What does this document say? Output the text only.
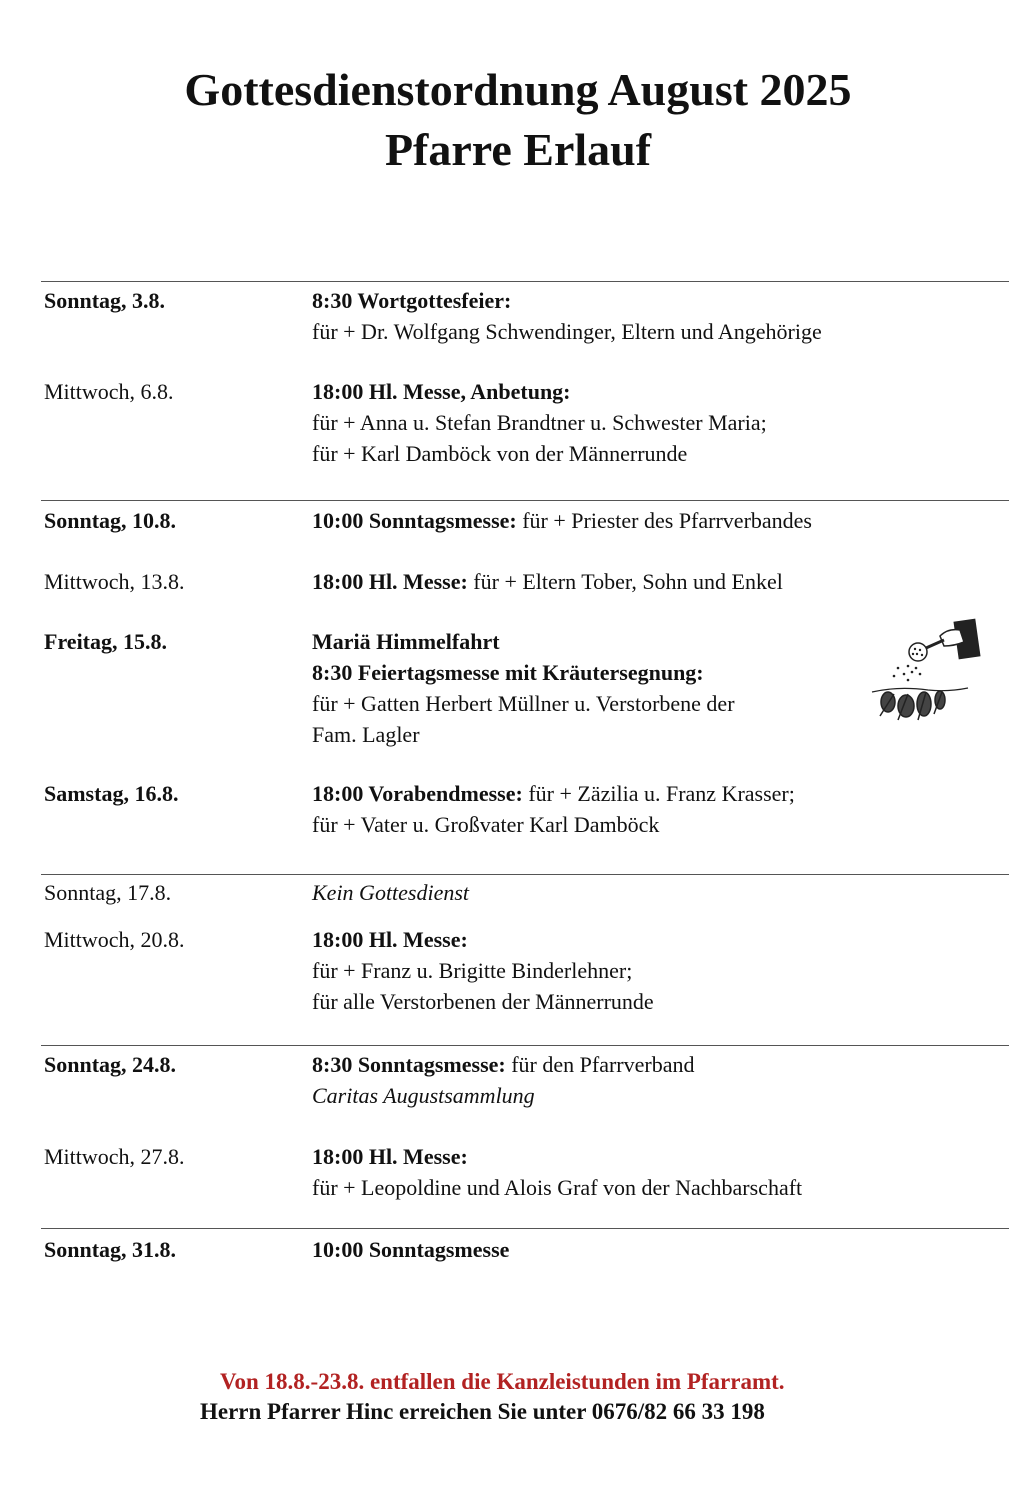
Gottesdienstordnung August 2025
Pfarre Erlauf
Sonntag, 3.8.	8:30 Wortgottesfeier:
für + Dr. Wolfgang Schwendinger, Eltern und Angehörige
Mittwoch, 6.8.	18:00 Hl. Messe, Anbetung:
für + Anna u. Stefan Brandtner u. Schwester Maria;
für + Karl Damböck von der Männerrunde
Sonntag, 10.8.	10:00 Sonntagsmesse: für + Priester des Pfarrverbandes
Mittwoch, 13.8.	18:00 Hl. Messe: für + Eltern Tober, Sohn und Enkel
Freitag, 15.8.	Mariä Himmelfahrt
8:30 Feiertagsmesse mit Kräutersegnung:
für + Gatten Herbert Müllner u. Verstorbene der
Fam. Lagler
Samstag, 16.8.	18:00 Vorabendmesse: für + Zäzilia u. Franz Krasser;
für + Vater u. Großvater Karl Damböck
Sonntag, 17.8.	Kein Gottesdienst
Mittwoch, 20.8.	18:00 Hl. Messe:
für + Franz u. Brigitte Binderlehner;
für alle Verstorbenen der Männerrunde
Sonntag, 24.8.	8:30 Sonntagsmesse: für den Pfarrverband
Caritas Augustsammlung
Mittwoch, 27.8.	18:00 Hl. Messe:
für + Leopoldine und Alois Graf von der Nachbarschaft
Sonntag, 31.8.	10:00 Sonntagsmesse
Von 18.8.-23.8. entfallen die Kanzleistunden im Pfarramt.
Herrn Pfarrer Hinc erreichen Sie unter 0676/82 66 33 198
